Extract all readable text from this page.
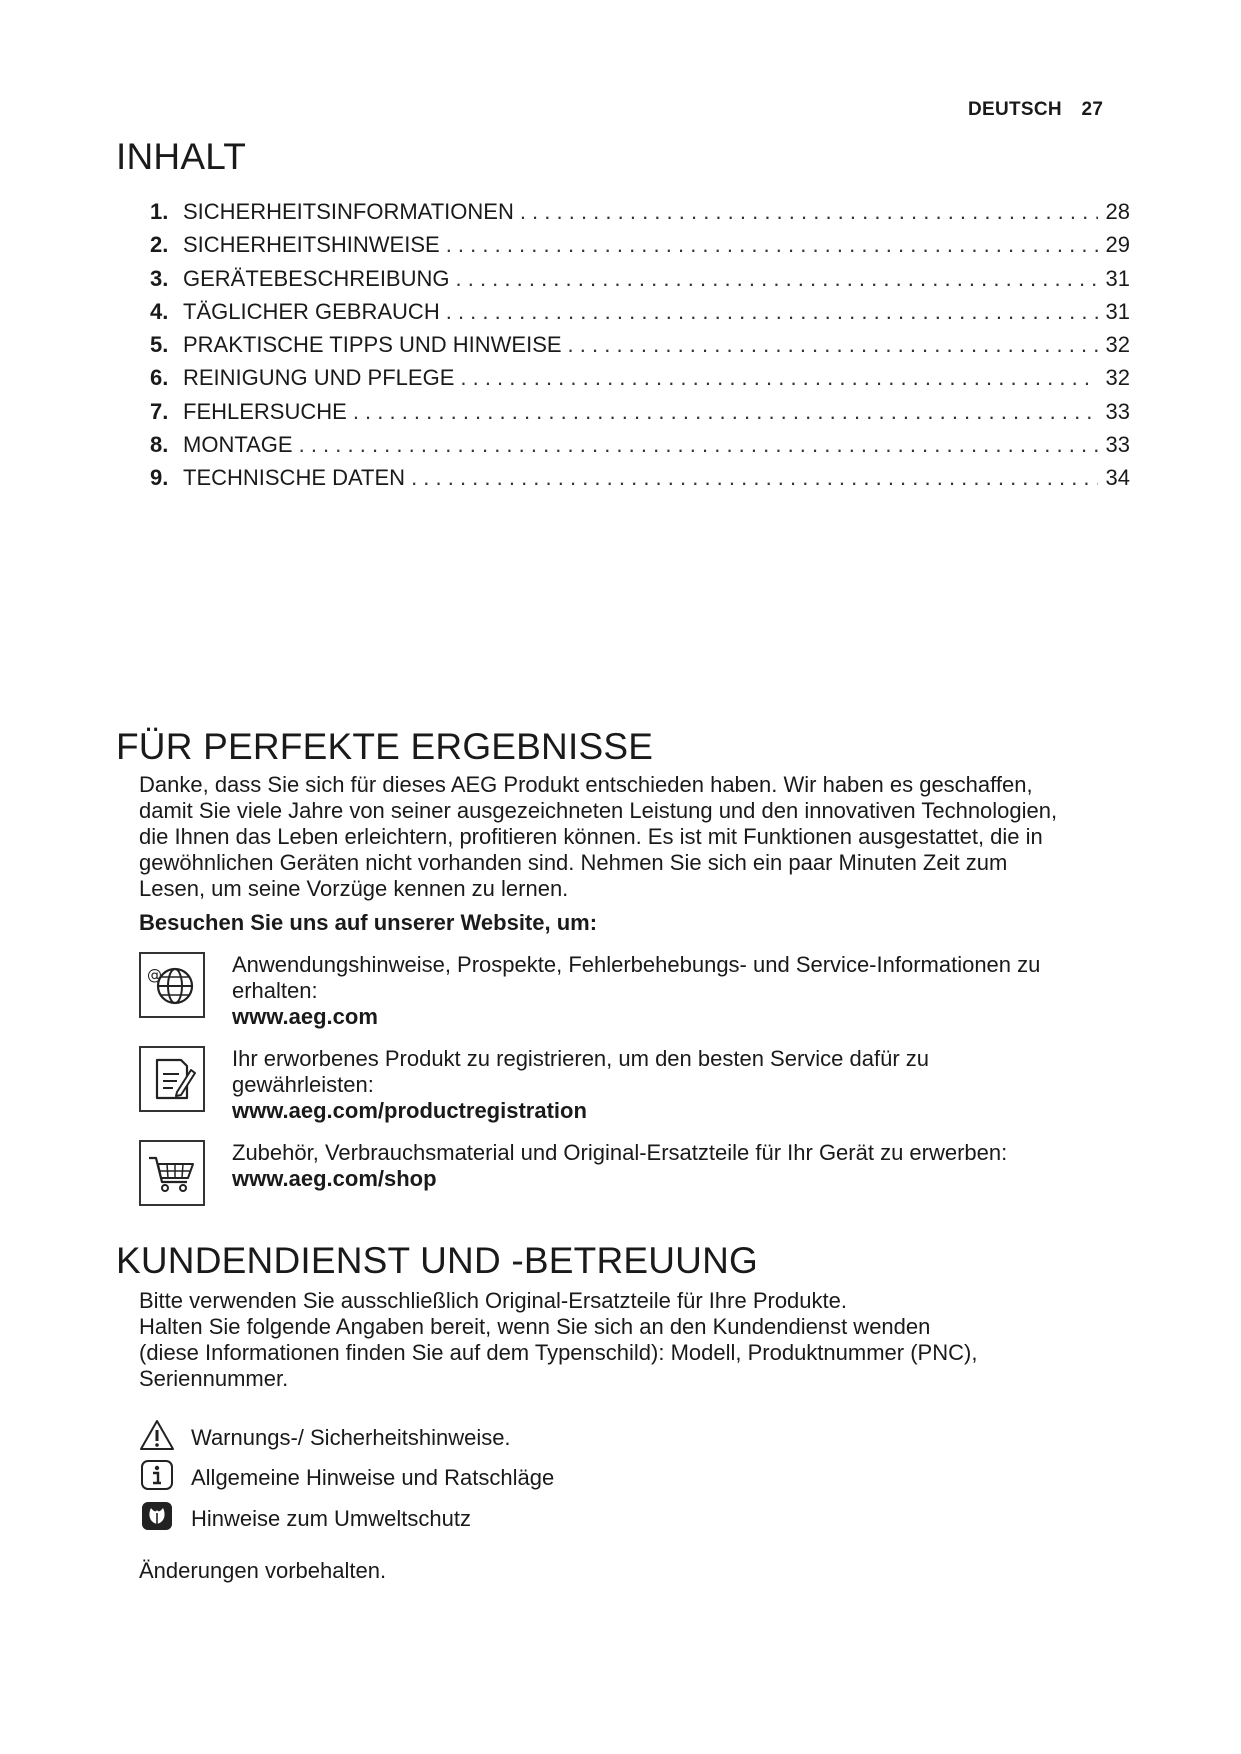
DEUTSCH 27
INHALT
1. SICHERHEITSINFORMATIONEN . . .	28
2. SICHERHEITSHINWEISE . . .	29
3. GERÄTEBESCHREIBUNG . . .	31
4. TÄGLICHER GEBRAUCH . . .	31
5. PRAKTISCHE TIPPS UND HINWEISE . . .	32
6. REINIGUNG UND PFLEGE . . .	32
7. FEHLERSUCHE . . .	33
8. MONTAGE . . .	33
9. TECHNISCHE DATEN . . .	34
FÜR PERFEKTE ERGEBNISSE
Danke, dass Sie sich für dieses AEG Produkt entschieden haben. Wir haben es geschaffen,
damit Sie viele Jahre von seiner ausgezeichneten Leistung und den innovativen Technologien,
die Ihnen das Leben erleichtern, profitieren können. Es ist mit Funktionen ausgestattet, die in
gewöhnlichen Geräten nicht vorhanden sind. Nehmen Sie sich ein paar Minuten Zeit zum
Lesen, um seine Vorzüge kennen zu lernen.
Besuchen Sie uns auf unserer Website, um:
@	Anwendungshinweise, Prospekte, Fehlerbehebungs- und Service-Informationen zu
erhalten:
www.aeg.com
Ihr erworbenes Produkt zu registrieren, um den besten Service dafür zu
gewährleisten:
www.aeg.com/productregistration
Zubehör, Verbrauchsmaterial und Original-Ersatzteile für Ihr Gerät zu erwerben:
www.aeg.com/shop
KUNDENDIENST UND -BETREUUNG
Bitte verwenden Sie ausschließlich Original-Ersatzteile für Ihre Produkte.
Halten Sie folgende Angaben bereit, wenn Sie sich an den Kundendienst wenden
(diese Informationen finden Sie auf dem Typenschild): Modell, Produktnummer (PNC),
Seriennummer.
Warnungs-/ Sicherheitshinweise.
Allgemeine Hinweise und Ratschläge
Hinweise zum Umweltschutz
Änderungen vorbehalten.
